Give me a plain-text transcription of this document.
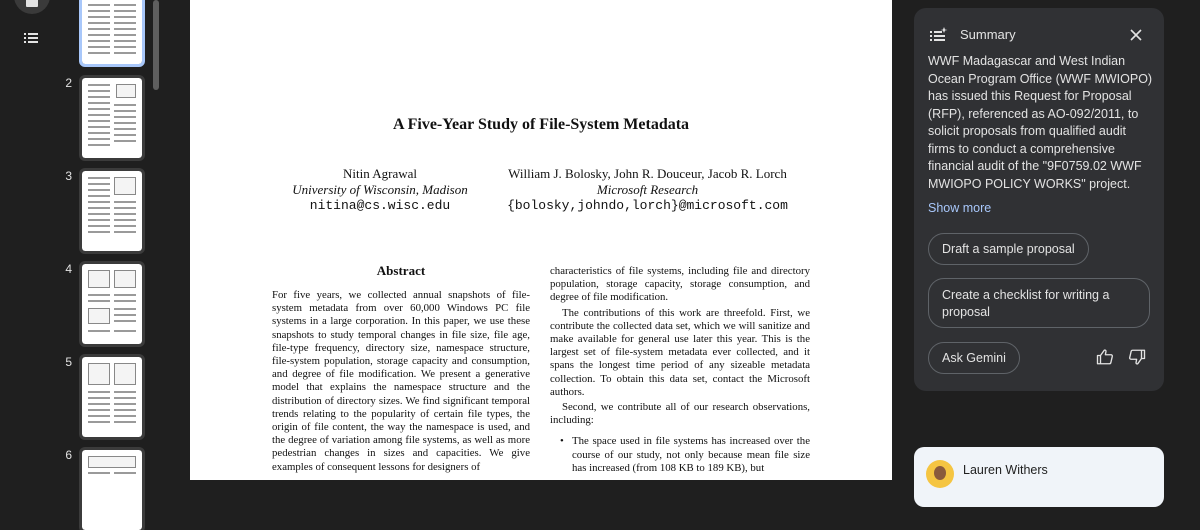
2
3
4
5
6
A Five-Year Study of File-System Metadata
Nitin Agrawal
University of Wisconsin, Madison
nitina@cs.wisc.edu
William J. Bolosky, John R. Douceur, Jacob R. Lorch
Microsoft Research
{bolosky,johndo,lorch}@microsoft.com
Abstract

For five years, we collected annual snapshots of file-system metadata from over 60,000 Windows PC file systems in a large corporation. In this paper, we use these snapshots to study temporal changes in file size, file age, file-type frequency, directory size, namespace structure, file-system population, storage capacity and consumption, and degree of file modification. We present a generative model that explains the namespace structure and the distribution of directory sizes. We find significant temporal trends relating to the popularity of certain file types, the origin of file content, the way the namespace is used, and the degree of variation among file systems, as well as more pedestrian changes in sizes and capacities. We give examples of consequent lessons for designers of

characteristics of file systems, including file and directory population, storage capacity, storage consumption, and degree of file modification.

The contributions of this work are threefold. First, we contribute the collected data set, which we will sanitize and make available for general use later this year. This is the largest set of file-system metadata ever collected, and it spans the longest time period of any sizeable metadata collection. To obtain this data set, contact the Microsoft authors.

Second, we contribute all of our research observations, including:

• The space used in file systems has increased over the course of our study, not only because mean file size has increased (from 108 KB to 189 KB), but
Summary
WWF Madagascar and West Indian Ocean Program Office (WWF MWIOPO) has issued this Request for Proposal (RFP), referenced as AO-092/2011, to solicit proposals from qualified audit firms to conduct a comprehensive financial audit of the "9F0759.02 WWF MWIOPO POLICY WORKS" project.
Show more
Draft a sample proposal
Create a checklist for writing a proposal
Ask Gemini
Lauren Withers
